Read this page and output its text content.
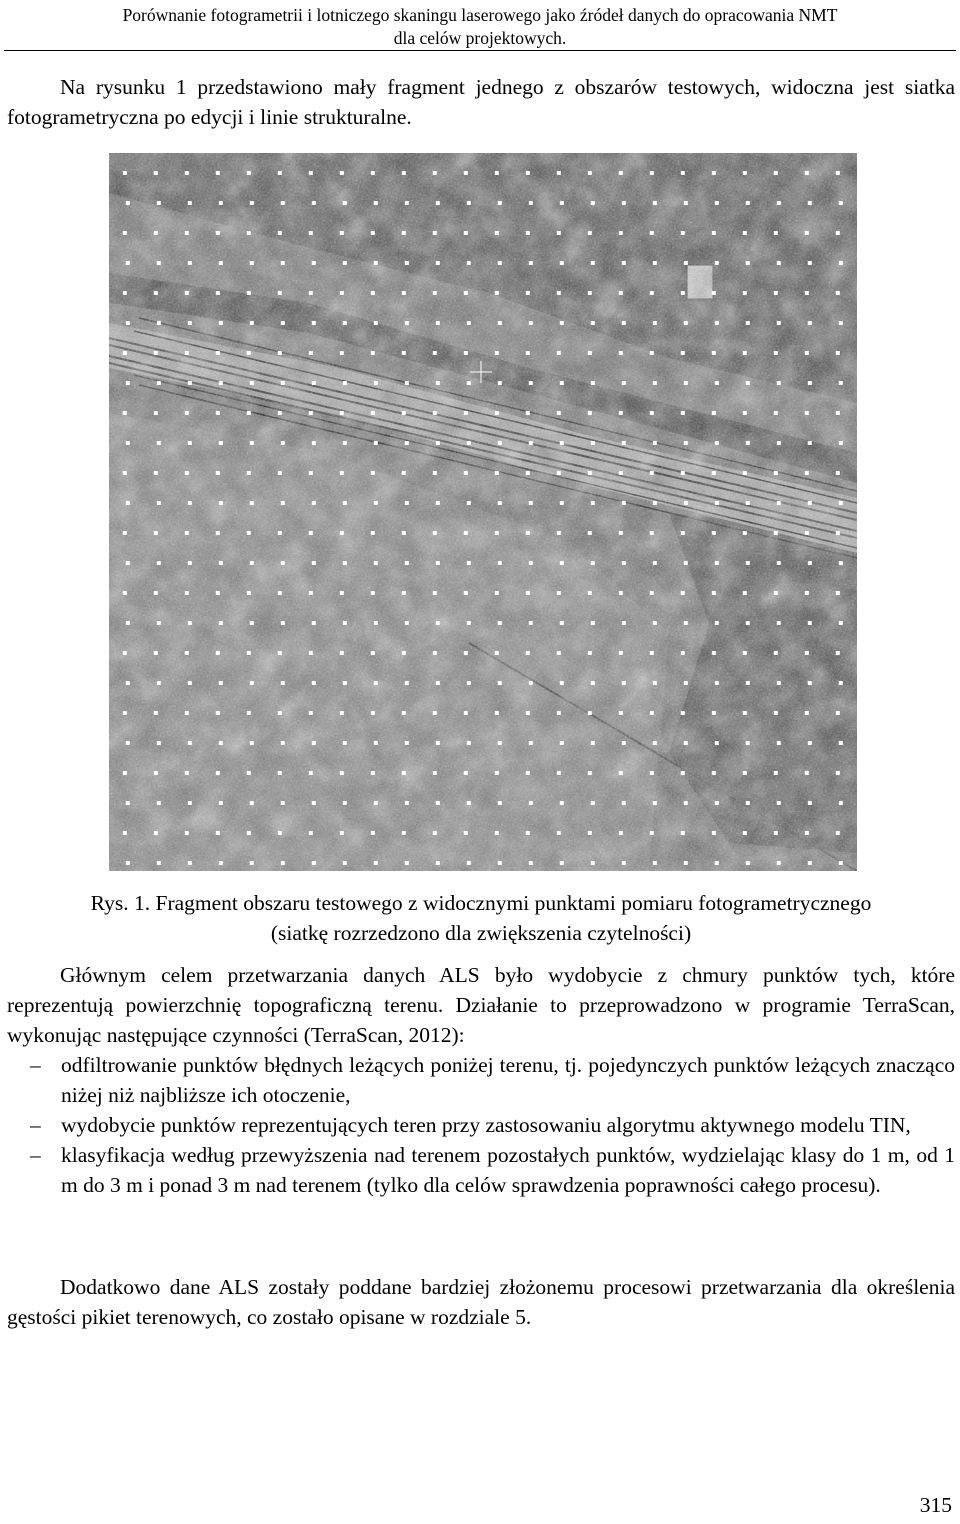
Porównanie fotogrametrii i lotniczego skaningu laserowego jako źródeł danych do opracowania NMT
dla celów projektowych.

Na rysunku 1 przedstawiono mały fragment jednego z obszarów testowych, widoczna jest siatka fotogrametryczna po edycji i linie strukturalne.

Rys. 1. Fragment obszaru testowego z widocznymi punktami pomiaru fotogrametrycznego
(siatkę rozrzedzono dla zwiększenia czytelności)

Głównym celem przetwarzania danych ALS było wydobycie z chmury punktów tych, które reprezentują powierzchnię topograficzną terenu. Działanie to przeprowadzono w programie TerraScan, wykonując następujące czynności (TerraScan, 2012):

– odfiltrowanie punktów błędnych leżących poniżej terenu, tj. pojedynczych punktów leżących znacząco niżej niż najbliższe ich otoczenie,
– wydobycie punktów reprezentujących teren przy zastosowaniu algorytmu aktywnego modelu TIN,
– klasyfikacja według przewyższenia nad terenem pozostałych punktów, wydzielając klasy do 1 m, od 1 m do 3 m i ponad 3 m nad terenem (tylko dla celów sprawdzenia poprawności całego procesu).

Dodatkowo dane ALS zostały poddane bardziej złożonemu procesowi przetwarzania dla określenia gęstości pikiet terenowych, co zostało opisane w rozdziale 5.

315
